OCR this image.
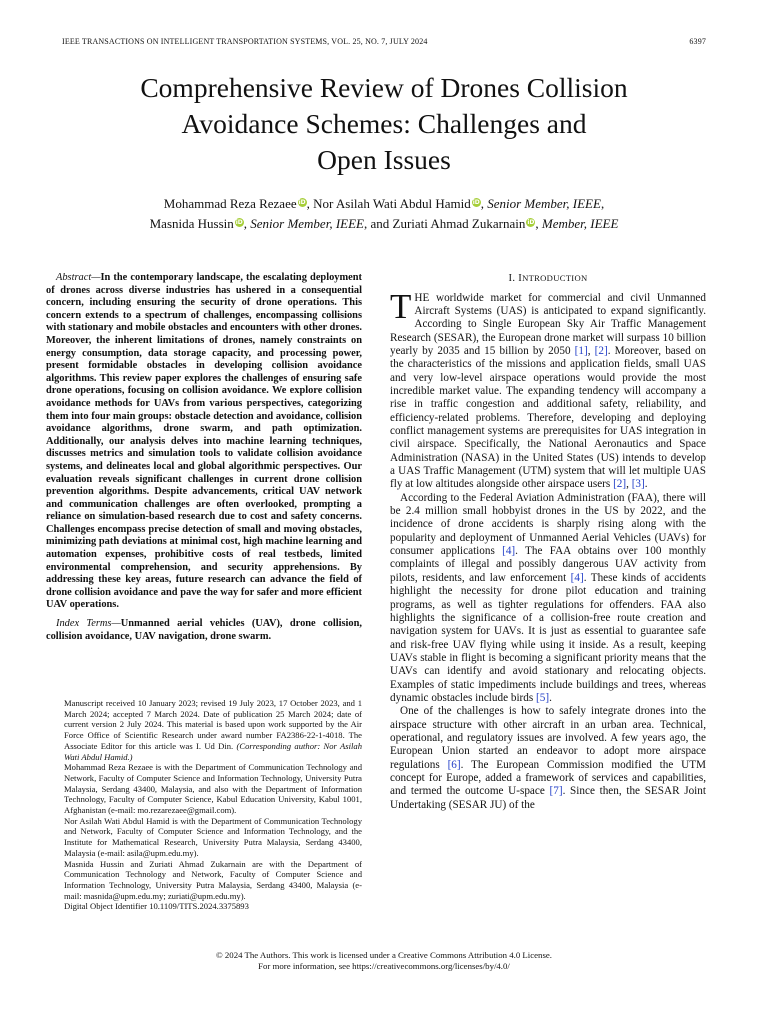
IEEE TRANSACTIONS ON INTELLIGENT TRANSPORTATION SYSTEMS, VOL. 25, NO. 7, JULY 2024	6397
Comprehensive Review of Drones Collision
Avoidance Schemes: Challenges and
Open Issues
Mohammad Reza Rezaee iD, Nor Asilah Wati Abdul Hamid iD, Senior Member, IEEE,
Masnida Hussin iD, Senior Member, IEEE, and Zuriati Ahmad Zukarnain iD, Member, IEEE

Abstract—In the contemporary landscape, the escalating deployment of drones across diverse industries has ushered in a consequential concern, including ensuring the security of drone operations. This concern extends to a spectrum of challenges, encompassing collisions with stationary and mobile obstacles and encounters with other drones. Moreover, the inherent limitations of drones, namely constraints on energy consumption, data storage capacity, and processing power, present formidable obstacles in developing collision avoidance algorithms. This review paper explores the challenges of ensuring safe drone operations, focusing on collision avoidance. We explore collision avoidance methods for UAVs from various perspectives, categorizing them into four main groups: obstacle detection and avoidance, collision avoidance algorithms, drone swarm, and path optimization. Additionally, our analysis delves into machine learning techniques, discusses metrics and simulation tools to validate collision avoidance systems, and delineates local and global algorithmic perspectives. Our evaluation reveals significant challenges in current drone collision prevention algorithms. Despite advancements, critical UAV network and communication challenges are often overlooked, prompting a reliance on simulation-based research due to cost and safety concerns. Challenges encompass precise detection of small and moving obstacles, minimizing path deviations at minimal cost, high machine learning and automation expenses, prohibitive costs of real testbeds, limited environmental comprehension, and security apprehensions. By addressing these key areas, future research can advance the field of drone collision avoidance and pave the way for safer and more efficient UAV operations.

Index Terms—Unmanned aerial vehicles (UAV), drone collision, collision avoidance, UAV navigation, drone swarm.

Manuscript received 10 January 2023; revised 19 July 2023, 17 October 2023, and 1 March 2024; accepted 7 March 2024. Date of publication 25 March 2024; date of current version 2 July 2024. This material is based upon work supported by the Air Force Office of Scientific Research under award number FA2386-22-1-4018. The Associate Editor for this article was I. Ud Din. (Corresponding author: Nor Asilah Wati Abdul Hamid.)

Mohammad Reza Rezaee is with the Department of Communication Technology and Network, Faculty of Computer Science and Information Technology, University Putra Malaysia, Serdang 43400, Malaysia, and also with the Department of Information Technology, Faculty of Computer Science, Kabul Education University, Kabul 1001, Afghanistan (e-mail: mo.rezarezaee@gmail.com).

Nor Asilah Wati Abdul Hamid is with the Department of Communication Technology and Network, Faculty of Computer Science and Information Technology, and the Institute for Mathematical Research, University Putra Malaysia, Serdang 43400, Malaysia (e-mail: asila@upm.edu.my).

Masnida Hussin and Zuriati Ahmad Zukarnain are with the Department of Communication Technology and Network, Faculty of Computer Science and Information Technology, University Putra Malaysia, Serdang 43400, Malaysia (e-mail: masnida@upm.edu.my; zuriati@upm.edu.my).

Digital Object Identifier 10.1109/TITS.2024.3375893

I. INTRODUCTION

THE worldwide market for commercial and civil Unmanned Aircraft Systems (UAS) is anticipated to expand significantly. According to Single European Sky Air Traffic Management Research (SESAR), the European drone market will surpass 10 billion yearly by 2035 and 15 billion by 2050 [1], [2]. Moreover, based on the characteristics of the missions and application fields, small UAS and very low-level airspace operations would provide the most incredible market value. The expanding tendency will accompany a rise in traffic congestion and additional safety, reliability, and efficiency-related problems. Therefore, developing and deploying conflict management systems are prerequisites for UAS integration in civil airspace. Specifically, the National Aeronautics and Space Administration (NASA) in the United States (US) intends to develop a UAS Traffic Management (UTM) system that will let multiple UAS fly at low altitudes alongside other airspace users [2], [3].

According to the Federal Aviation Administration (FAA), there will be 2.4 million small hobbyist drones in the US by 2022, and the incidence of drone accidents is sharply rising along with the popularity and deployment of Unmanned Aerial Vehicles (UAVs) for consumer applications [4]. The FAA obtains over 100 monthly complaints of illegal and possibly dangerous UAV activity from pilots, residents, and law enforcement [4]. These kinds of accidents highlight the necessity for drone pilot education and training programs, as well as tighter regulations for offenders. FAA also highlights the significance of a collision-free route creation and navigation system for UAVs. It is just as essential to guarantee safe and risk-free UAV flying while using it inside. As a result, keeping UAVs stable in flight is becoming a significant priority means that the UAVs can identify and avoid stationary and relocating objects. Examples of static impediments include buildings and trees, whereas dynamic obstacles include birds [5].

One of the challenges is how to safely integrate drones into the airspace structure with other aircraft in an urban area. Technical, operational, and regulatory issues are involved. A few years ago, the European Union started an endeavor to adopt more airspace regulations [6]. The European Commission modified the UTM concept for Europe, added a framework of services and capabilities, and termed the outcome U-space [7]. Since then, the SESAR Joint Undertaking (SESAR JU) of the

© 2024 The Authors. This work is licensed under a Creative Commons Attribution 4.0 License.
For more information, see https://creativecommons.org/licenses/by/4.0/
